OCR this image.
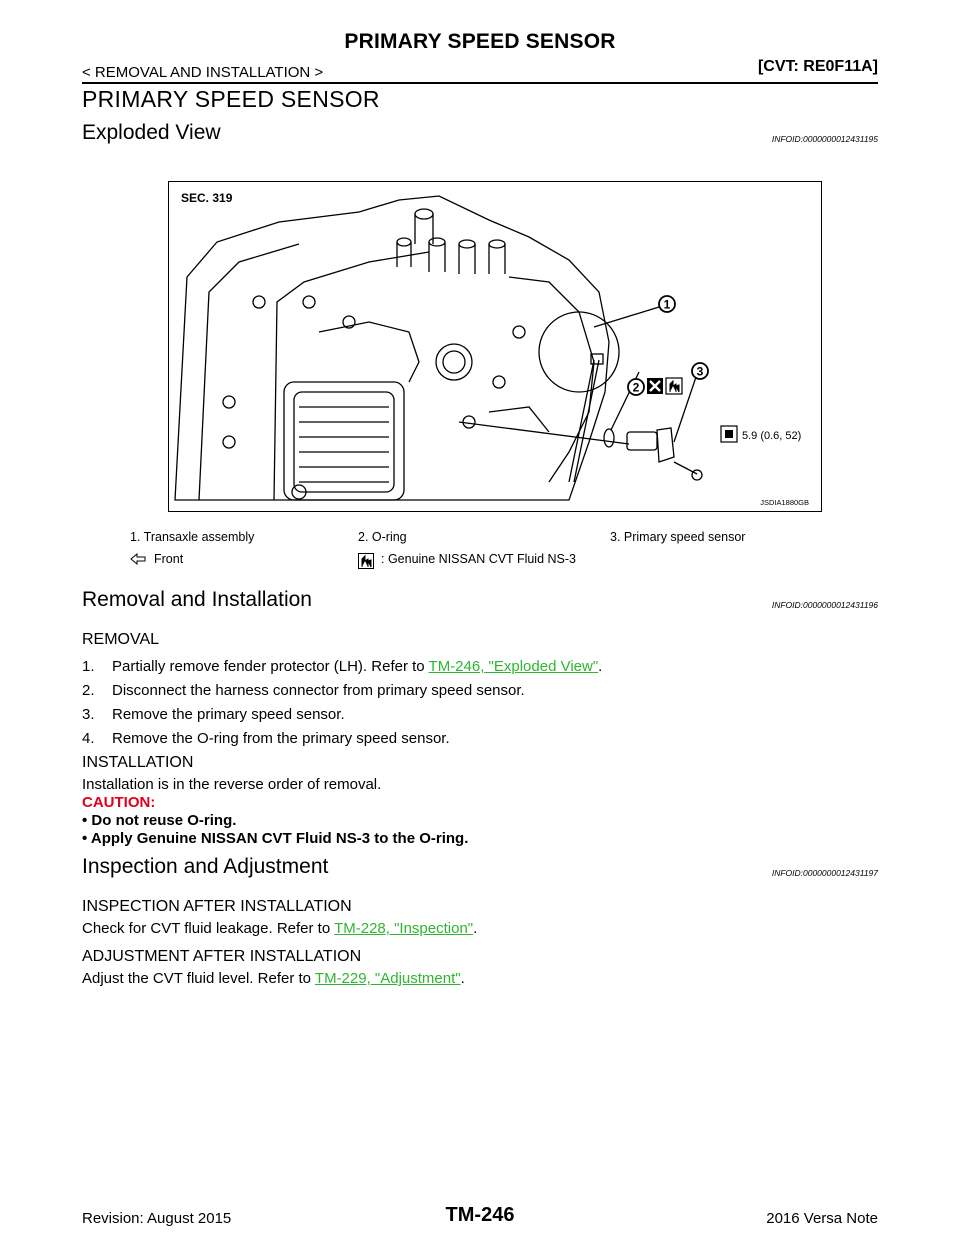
PRIMARY SPEED SENSOR
< REMOVAL AND INSTALLATION >	[CVT: RE0F11A]
PRIMARY SPEED SENSOR
Exploded View	INFOID:0000000012431195
SEC. 319
1
2
3
5.9 (0.6, 52)
JSDIA1880GB
1. Transaxle assembly	2. O-ring	3. Primary speed sensor
Front	: Genuine NISSAN CVT Fluid NS-3
Removal and Installation	INFOID:0000000012431196
REMOVAL
1. Partially remove fender protector (LH). Refer to TM-246, "Exploded View".
2. Disconnect the harness connector from primary speed sensor.
3. Remove the primary speed sensor.
4. Remove the O-ring from the primary speed sensor.
INSTALLATION
Installation is in the reverse order of removal.
CAUTION:
• Do not reuse O-ring.
• Apply Genuine NISSAN CVT Fluid NS-3 to the O-ring.
Inspection and Adjustment	INFOID:0000000012431197
INSPECTION AFTER INSTALLATION
Check for CVT fluid leakage. Refer to TM-228, "Inspection".
ADJUSTMENT AFTER INSTALLATION
Adjust the CVT fluid level. Refer to TM-229, "Adjustment".
Revision: August 2015	TM-246	2016 Versa Note
